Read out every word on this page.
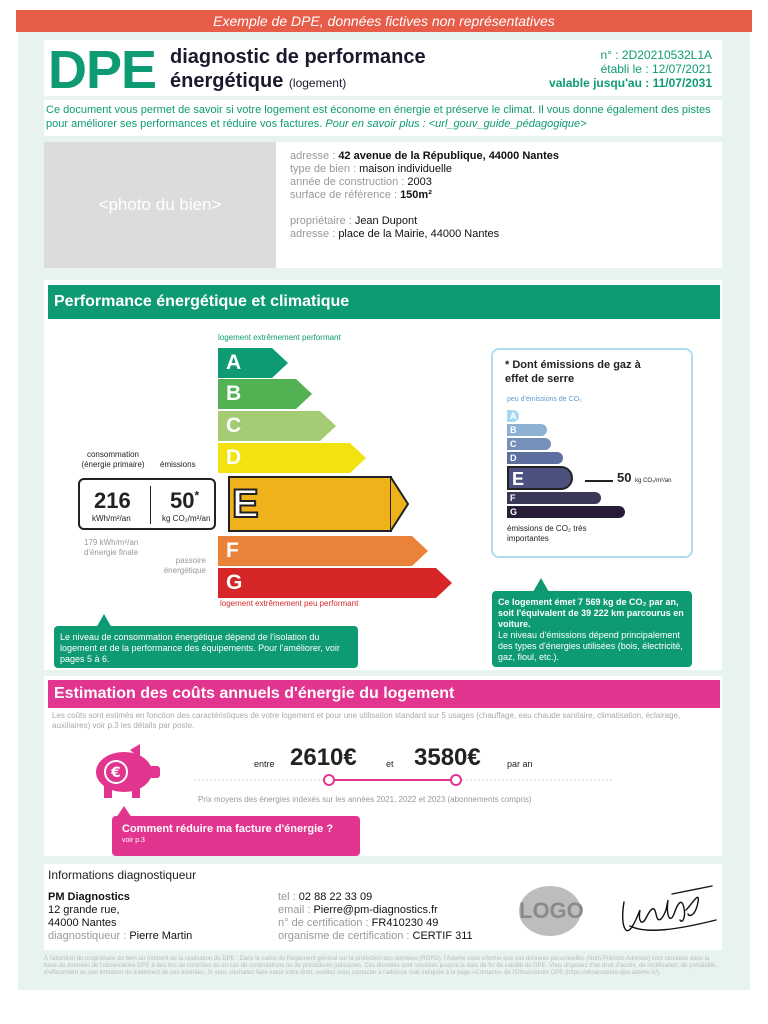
Exemple de DPE, données fictives non représentatives
DPE diagnostic de performance
énergétique (logement)
n° : 2D20210532L1A
établi le : 12/07/2021
valable jusqu'au : 11/07/2031
Ce document vous permet de savoir si votre logement est économe en énergie et préserve le climat. Il vous donne également des pistes pour améliorer ses performances et réduire vos factures. Pour en savoir plus : <url_gouv_guide_pédagogique>
<photo du bien>
adresse : 42 avenue de la République, 44000 Nantes
type de bien : maison individuelle
année de construction : 2003
surface de référence : 150m²
propriétaire : Jean Dupont
adresse : place de la Mairie, 44000 Nantes
Performance énergétique et climatique
logement extrêmement performant
A
B
C
D
F
G
consommation (énergie primaire) émissions
216
kWh/m²/an
50*
kg CO₂/m²/an E
179 kWh/m²/an d'énergie finale
passoire énergétique
logement extrêmement peu performant
Le niveau de consommation énergétique dépend de l'isolation du logement et de la performance des équipements. Pour l'améliorer, voir pages 5 à 6.
* Dont émissions de gaz à effet de serre
peu d'émissions de CO₂
A
B
C
D
E
F
G
50 kg CO₂/m²/an
émissions de CO₂ très importantes
Ce logement émet 7 569 kg de CO₂ par an, soit l'équivalent de 39 222 km parcourus en voiture.
Le niveau d'émissions dépend principalement des types d'énergies utilisées (bois, électricité, gaz, fioul, etc.).
Estimation des coûts annuels d'énergie du logement
Les coûts sont estimés en fonction des caractéristiques de votre logement et pour une utilisation standard sur 5 usages (chauffage, eau chaude sanitaire, climatisation, éclairage, auxiliaires) voir p.3 les détails par poste.
€
entre 2610€	et 3580€	par an
Prix moyens des énergies indexés sur les années 2021, 2022 et 2023 (abonnements compris)
Comment réduire ma facture d'énergie ?
voir p.3
Informations diagnostiqueur
PM Diagnostics
12 grande rue,
44000 Nantes
diagnostiqueur : Pierre Martin
tel : 02 88 22 33 09
email : Pierre@pm-diagnostics.fr
n° de certification : FR410230 49
organisme de certification : CERTIF 311
LOGO
À l'attention du propriétaire du bien au moment de la réalisation du DPE : Dans le cadre du Règlement général sur la protection des données (RGPD), l'Ademe vous informe que vos données personnelles (Nom-Prénom-Adresse) sont stockées dans la base de données de l'observatoire DPE à des fins de contrôles ou en cas de contestations ou de procédures judiciaires. Ces données sont stockées jusqu'à la date de fin de validité du DPE. Vous disposez d'un droit d'accès, de rectification, de portabilité, d'effacement ou une limitation du traitement de ces données. Si vous souhaitez faire valoir votre droit, veuillez nous contacter à l'adresse mail indiquée à la page «Contacts» de l'Observatoire DPE (https://observatoire-dpe.ademe.fr/).
